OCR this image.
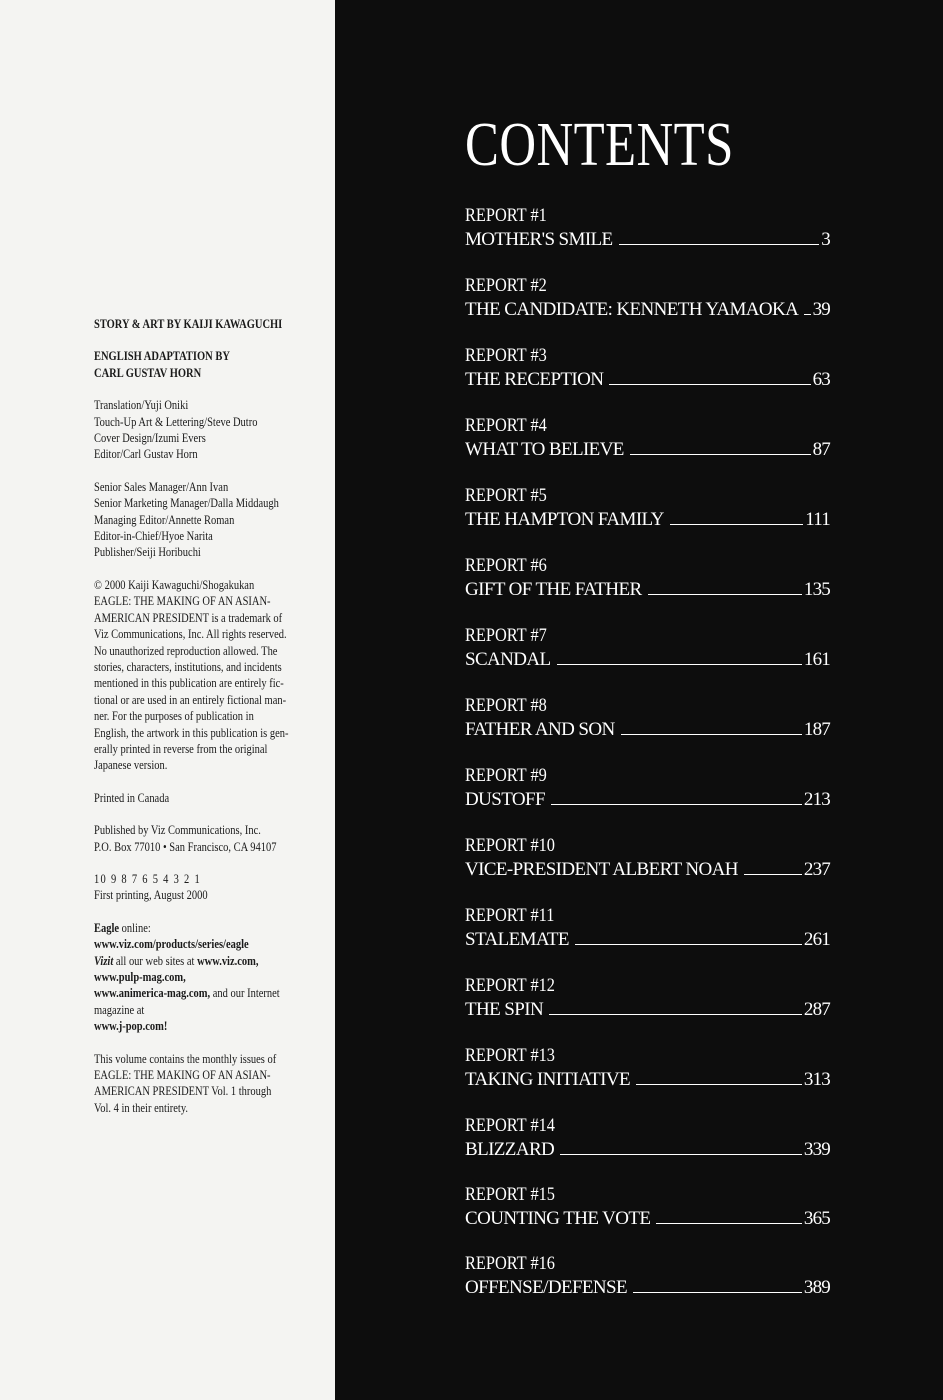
STORY & ART BY KAIJI KAWAGUCHI

ENGLISH ADAPTATION BY
CARL GUSTAV HORN

Translation/Yuji Oniki
Touch-Up Art & Lettering/Steve Dutro
Cover Design/Izumi Evers
Editor/Carl Gustav Horn

Senior Sales Manager/Ann Ivan
Senior Marketing Manager/Dalla Middaugh
Managing Editor/Annette Roman
Editor-in-Chief/Hyoe Narita
Publisher/Seiji Horibuchi

© 2000 Kaiji Kawaguchi/Shogakukan
EAGLE: THE MAKING OF AN ASIAN-
AMERICAN PRESIDENT is a trademark of
Viz Communications, Inc. All rights reserved.
No unauthorized reproduction allowed. The
stories, characters, institutions, and incidents
mentioned in this publication are entirely fic-
tional or are used in an entirely fictional man-
ner. For the purposes of publication in
English, the artwork in this publication is gen-
erally printed in reverse from the original
Japanese version.

Printed in Canada

Published by Viz Communications, Inc.
P.O. Box 77010 • San Francisco, CA 94107

10 9 8 7 6 5 4 3 2 1
First printing, August 2000

Eagle online:
www.viz.com/products/series/eagle
Vizit all our web sites at www.viz.com,
www.pulp-mag.com,
www.animerica-mag.com, and our Internet
magazine at
www.j-pop.com!

This volume contains the monthly issues of
EAGLE: THE MAKING OF AN ASIAN-
AMERICAN PRESIDENT Vol. 1 through
Vol. 4 in their entirety.

CONTENTS
REPORT #1
MOTHER'S SMILE	3
REPORT #2
THE CANDIDATE: KENNETH YAMAOKA 39
REPORT #3
THE RECEPTION	63
REPORT #4
WHAT TO BELIEVE	87
REPORT #5
THE HAMPTON FAMILY	111
REPORT #6
GIFT OF THE FATHER	135
REPORT #7
SCANDAL	161
REPORT #8
FATHER AND SON	187
REPORT #9
DUSTOFF	213
REPORT #10
VICE-PRESIDENT ALBERT NOAH	237
REPORT #11
STALEMATE	261
REPORT #12
THE SPIN	287
REPORT #13
TAKING INITIATIVE	313
REPORT #14
BLIZZARD	339
REPORT #15
COUNTING THE VOTE	365
REPORT #16
OFFENSE/DEFENSE	389
